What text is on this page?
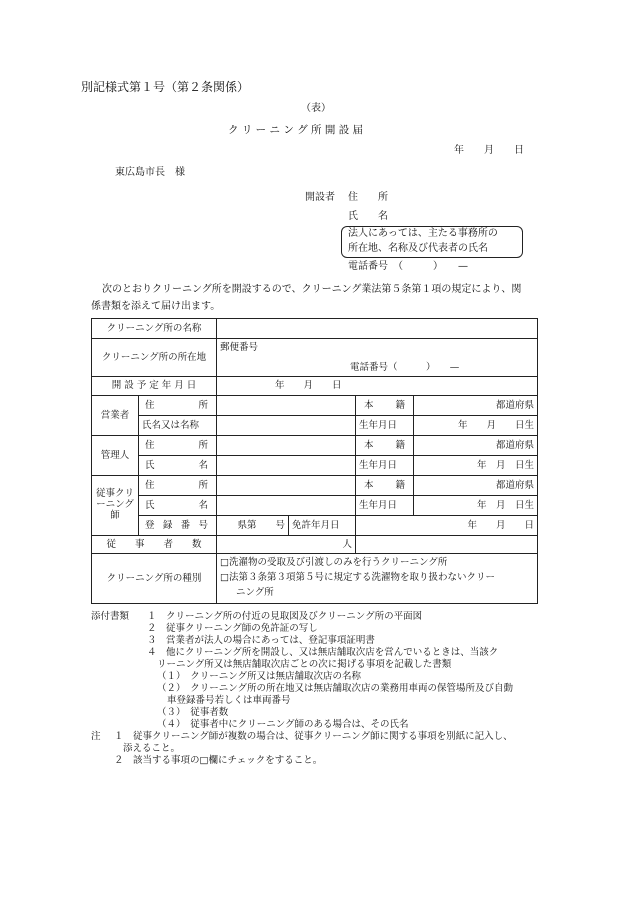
別記様式第１号（第２条関係）
（表）
ク リ ー ニ ン グ 所 開 設 届
年　　月　　日
東広島市長　様
開設者 住　　所
氏　　名
法人にあっては、主たる事務所の
所在地、名称及び代表者の氏名
電話番号　（　　　）　　—
次のとおりクリーニング所を開設するので、クリーニング業法第５条第１項の規定により、関
係書類を添えて届け出ます。
クリーニング所の名称					
クリーニング所の所在地		郵便番号
電話番号（　　　）　　—			

開 設 予 定 年 月 日		年　　月　　日			
営業者	住所			本籍	都道府県
	氏名又は名称			生年月日	年　　月　　日生
管理人	住所			本籍	都道府県
	氏名			生年月日	年　月　日生
従事クリーニング師	住所			本籍	都道府県
	氏名			生年月日	年　月　日生
	登録番号	県第　　号	免許年月日	年　　月　　日	
従　　事　　者　　数		人			
クリーニング所の種別		□洗濯物の受取及び引渡しのみを行うクリーニング所
□法第３条第３項第５号に規定する洗濯物を取り扱わないクリー
ニング所			
添付書類 １　クリーニング所の付近の見取図及びクリーニング所の平面図
２　従事クリーニング師の免許証の写し
３　営業者が法人の場合にあっては、登記事項証明書
４　他にクリーニング所を開設し、又は無店舗取次店を営んでいるときは、当該ク
リーニング所又は無店舗取次店ごとの次に掲げる事項を記載した書類
（１）　クリーニング所又は無店舗取次店の名称
（２）　クリーニング所の所在地又は無店舗取次店の業務用車両の保管場所及び自動
車登録番号若しくは車両番号
（３）　従事者数
（４）　従事者中にクリーニング師のある場合は、その氏名
注 １　従事クリーニング師が複数の場合は、従事クリーニング師に関する事項を別紙に記入し、
添えること。
２　該当する事項の□欄にチェックをすること。
